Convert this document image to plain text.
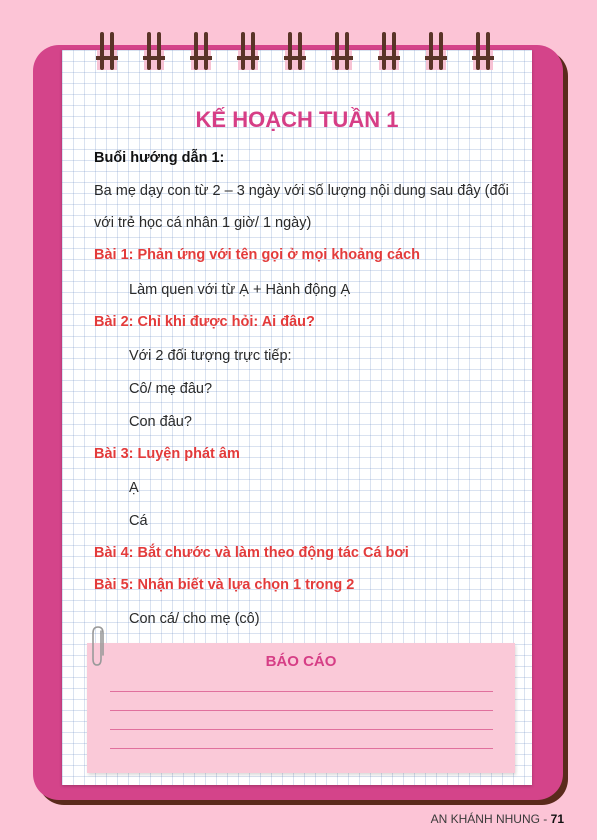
KẾ HOẠCH TUẦN 1
Buổi hướng dẫn 1:
Ba mẹ dạy con từ 2 – 3 ngày với số lượng nội dung sau đây (đối
với trẻ học cá nhân 1 giờ/ 1 ngày)
Bài 1: Phản ứng với tên gọi ở mọi khoảng cách
Làm quen với từ Ạ + Hành động Ạ
Bài 2: Chỉ khi được hỏi: Ai đâu?
Với 2 đối tượng trực tiếp:
Cô/ mẹ đâu?
Con đâu?
Bài 3: Luyện phát âm
Ạ
Cá
Bài 4: Bắt chước và làm theo động tác Cá bơi
Bài 5: Nhận biết và lựa chọn 1 trong 2
Con cá/ cho mẹ (cô)
BÁO CÁO
AN KHÁNH NHUNG - 71
